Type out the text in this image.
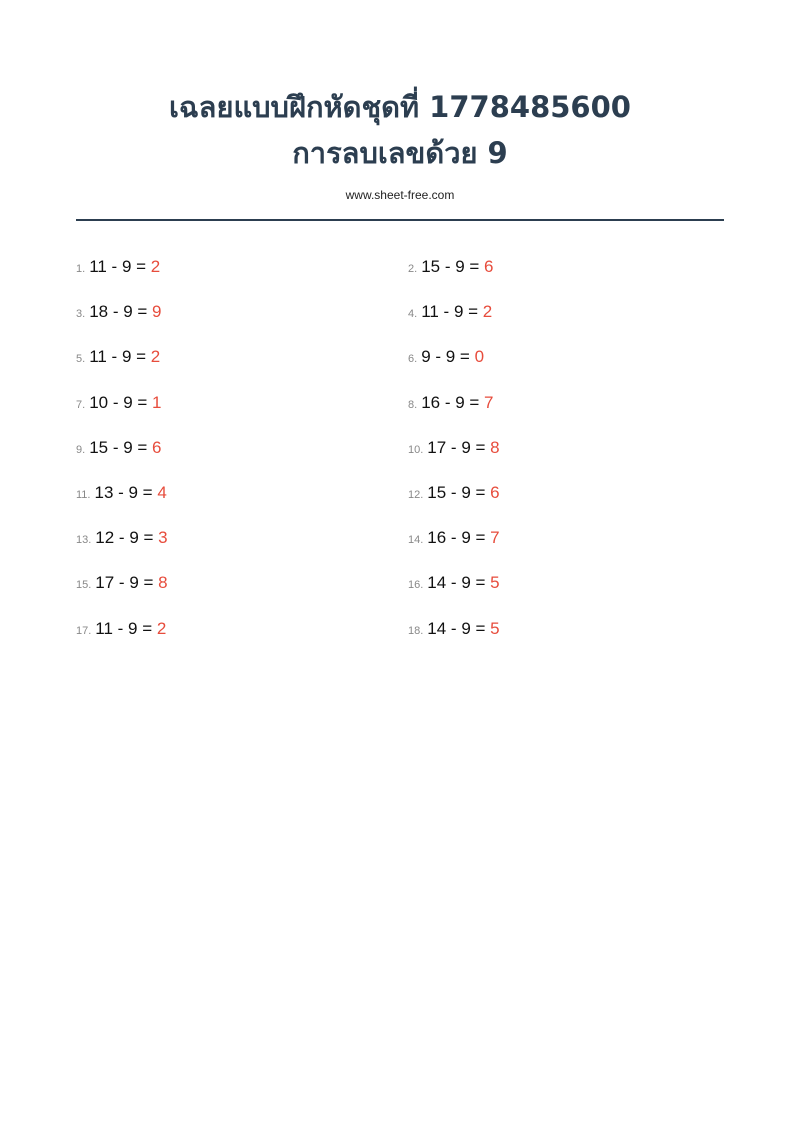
เฉลยแบบฝึกหัดชุดที่ 1778485600
การลบเลขด้วย 9
www.sheet-free.com
1. 11 - 9 = 2	2. 15 - 9 = 6
3. 18 - 9 = 9	4. 11 - 9 = 2
5. 11 - 9 = 2	6. 9 - 9 = 0
7. 10 - 9 = 1	8. 16 - 9 = 7
9. 15 - 9 = 6	10. 17 - 9 = 8
11. 13 - 9 = 4	12. 15 - 9 = 6
13. 12 - 9 = 3	14. 16 - 9 = 7
15. 17 - 9 = 8	16. 14 - 9 = 5
17. 11 - 9 = 2	18. 14 - 9 = 5
